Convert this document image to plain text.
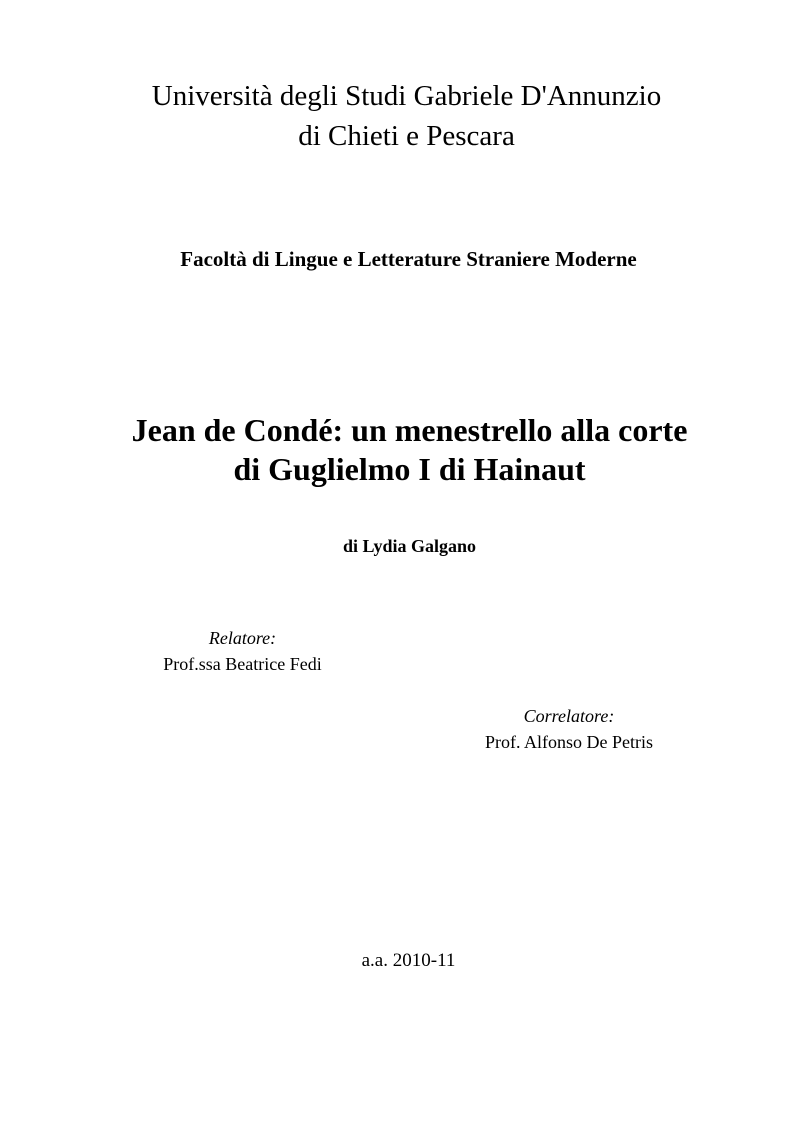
Università degli Studi Gabriele D'Annunzio
di Chieti e Pescara
Facoltà di Lingue e Letterature Straniere Moderne
Jean de Condé: un menestrello alla corte
di Guglielmo I di Hainaut
di Lydia Galgano
Relatore:
Prof.ssa Beatrice Fedi
Correlatore:
Prof. Alfonso De Petris
a.a. 2010-11
